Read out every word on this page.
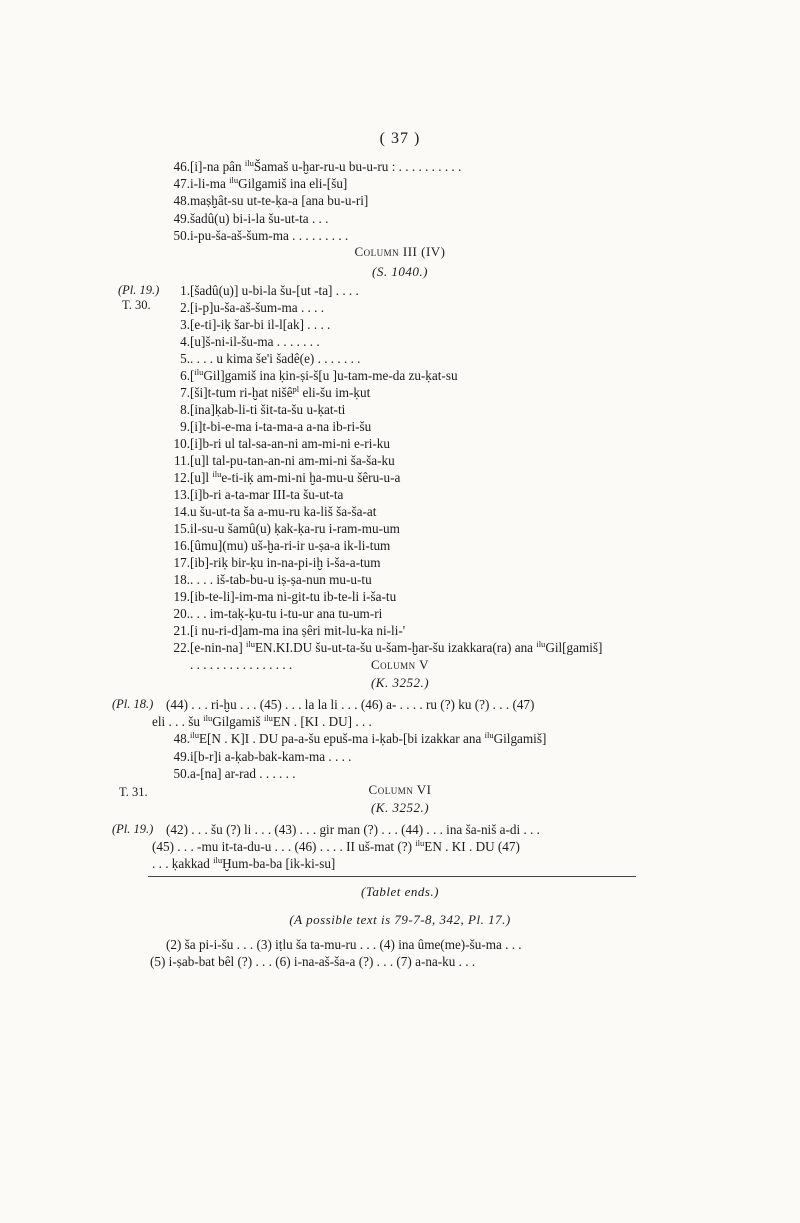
( 37 )
46. [i]-na pân $^{ilu}$Šamaš u-ḫar-ru-u bu-u-ru : . . . . . . . . . .
47. i-li-ma $^{ilu}$Gilgamiš ina eli-[šu]
48. maṣḫât-su ut-te-ḳa-a [ana bu-u-ri]
49. šadû(u) bi-i-la šu-ut-ta . . .
50. i-pu-ša-aš-šum-ma . . . . . . . . .
Column III (IV)
(S. 1040.)
(Pl. 19.)
T. 30.
1. [šadû(u)] u-bi-la šu-[ut -ta] . . . .
2. [i-p]u-ša-aš-šum-ma . . . .
3. [e-ti]-iḳ šar-bi il-l[ak] . . . .
4. [u]š-ni-il-šu-ma . . . . . . .
5. . . . . u kima še'i šadê(e) . . . . . . .
6. [$^{ilu}$Gil]gamiš ina ḳin-ṣi-š[u ]u-tam-me-da zu-ḳat-su
7. [ši]t-tum ri-ḫat nišê$^{pl}$ eli-šu im-ḳut
8. [ina]ḳab-li-ti šit-ta-šu u-ḳat-ti
9. [i]t-bi-e-ma i-ta-ma-a a-na ib-ri-šu
10. [i]b-ri ul tal-sa-an-ni am-mi-ni e-ri-ku
11. [u]l tal-pu-tan-an-ni am-mi-ni ša-ša-ku
12. [u]l $^{ilu}$e-ti-iḳ am-mi-ni ḫa-mu-u šêru-u-a
13. [i]b-ri a-ta-mar III-ta šu-ut-ta
14. u šu-ut-ta ša a-mu-ru ka-liš ša-ša-at
15. il-su-u šamû(u) ḳak-ḳa-ru i-ram-mu-um
16. [ûmu](mu) uš-ḫa-ri-ir u-ṣa-a ik-li-tum
17. [ib]-riḳ bir-ḳu in-na-pi-iḫ i-ša-a-tum
18. . . . . iš-tab-bu-u iṣ-ṣa-nun mu-u-tu
19. [ib-te-li]-im-ma ni-git-tu ib-te-li i-ša-tu
20. . . . im-taḳ-ḳu-tu i-tu-ur ana tu-um-ri
21. [i nu-ri-d]am-ma ina ṣêri mit-lu-ka ni-li-'
22. [e-nin-na] $^{ilu}$EN.KI.DU šu-ut-ta-šu u-šam-ḫar-šu izakkara(ra) ana $^{ilu}$Gil[gamiš]
. . . . . . . . . . . . . . . .	Column V
(K. 3252.)
(Pl. 18.) (44) . . . ri-ḫu . . . (45) . . . la la li . . . (46) a- . . . . ru (?) ku (?) . . . (47)
eli . . . šu $^{ilu}$Gilgamiš $^{ilu}$EN . [KI . DU] . . .
48. $^{ilu}$E[N . K]I . DU pa-a-šu epuš-ma i-ḳab-[bi izakkar ana $^{ilu}$Gilgamiš]
49. i[b-r]i a-ḳab-bak-kam-ma . . . .
50. a-[na] ar-rad . . . . . .
T. 31.	Column VI
(K. 3252.)
(Pl. 19.) (42) . . . šu (?) li . . . (43) . . . gir man (?) . . . (44) . . . ina ša-niš a-di . . .
(45) . . . -mu it-ta-du-u . . . (46) . . . . II uš-mat (?) $^{ilu}$EN . KI . DU (47)
. . . ḳakkad $^{ilu}$Ḫum-ba-ba [ik-ki-su]
(Tablet ends.)
(A possible text is 79-7-8, 342, Pl. 17.)
(2) ša pi-i-šu . . . (3) iṭlu ša ta-mu-ru . . . (4) ina ûme(me)-šu-ma . . .
(5) i-ṣab-bat bêl (?) . . . (6) i-na-aš-ša-a (?) . . . (7) a-na-ku . . .
